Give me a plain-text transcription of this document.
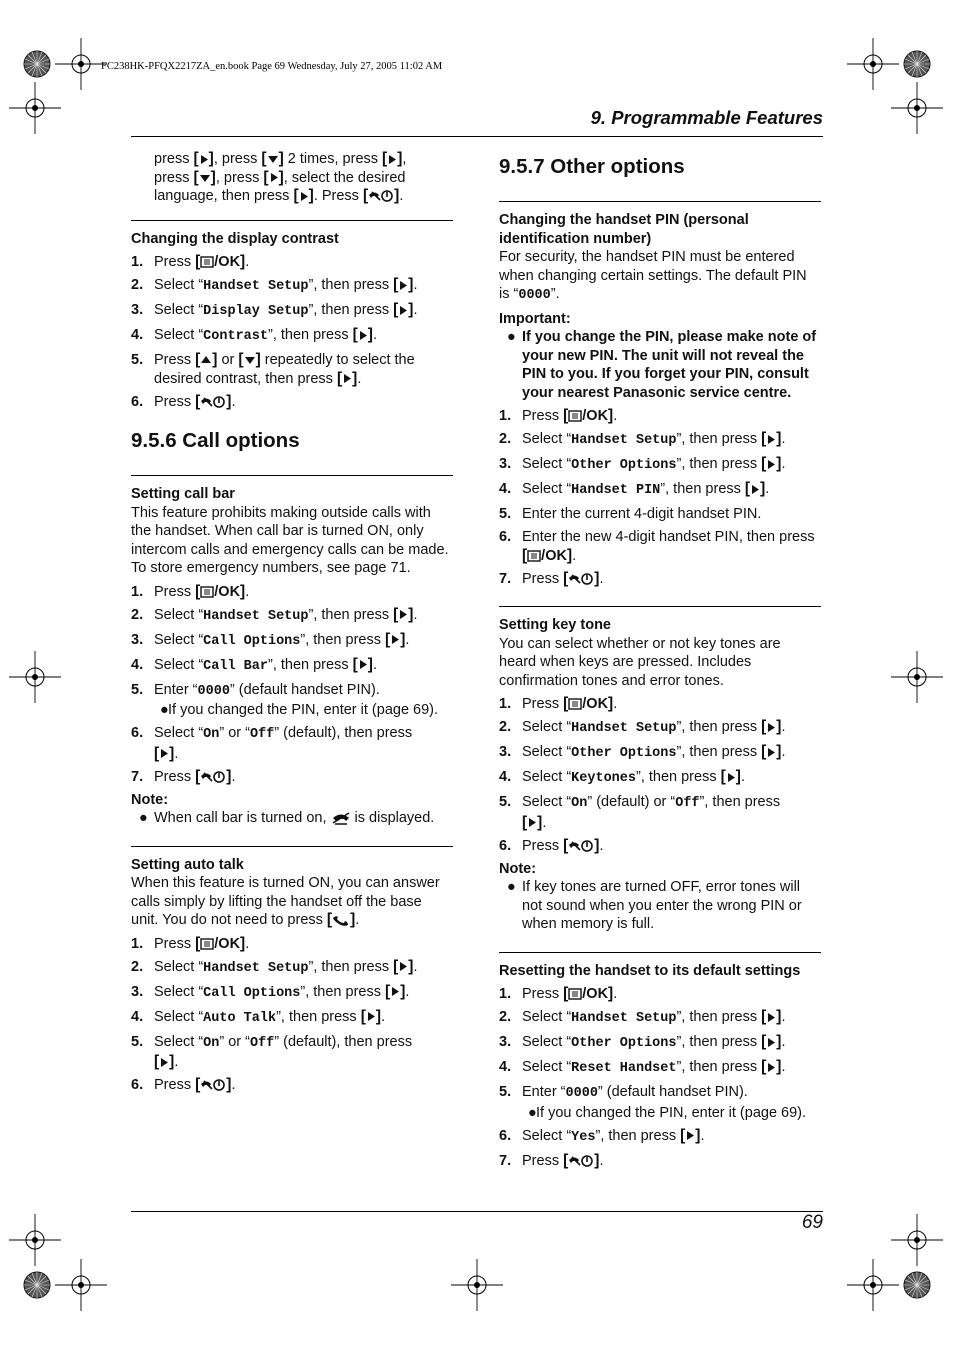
FC238HK-PFQX2217ZA_en.book Page 69 Wednesday, July 27, 2005 11:02 AM
9. Programmable Features
69
press [ ] , press [ ] 2 times, press [ ] ,
press [ ] , press [ ] , select the desired
language, then press [ ] . Press [ ] .
Changing the display contrast
1. Press [ /OK ] .
2. Select “Handset Setup”, then press [ ] .
3. Select “Display Setup”, then press [ ] .
4. Select “Contrast”, then press [ ] .
5. Press [ ] or [ ] repeatedly to select the desired contrast, then press [ ] .
6. Press [ ] .
9.5.6 Call options
Setting call bar
This feature prohibits making outside calls with the handset. When call bar is turned ON, only intercom calls and emergency calls can be made. To store emergency numbers, see page 71.
1. Press [ /OK ] .
2. Select “Handset Setup”, then press [ ] .
3. Select “Call Options”, then press [ ] .
4. Select “Call Bar”, then press [ ] .
5. Enter “0000” (default handset PIN).
● If you changed the PIN, enter it (page 69).
6. Select “On” or “Off” (default), then press

[ ] .
7. Press [ ] .
Note:
● When call bar is turned on,  is displayed.
Setting auto talk
When this feature is turned ON, you can answer calls simply by lifting the handset off the base unit. You do not need to press [ ] .
1. Press [ /OK ] .
2. Select “Handset Setup”, then press [ ] .
3. Select “Call Options”, then press [ ] .
4. Select “Auto Talk”, then press [ ] .
5. Select “On” or “Off” (default), then press

[ ] .
6. Press [ ] .
9.5.7 Other options
Changing the handset PIN (personal identification number)
For security, the handset PIN must be entered when changing certain settings. The default PIN is “0000”.
Important:
● If you change the PIN, please make note of your new PIN. The unit will not reveal the PIN to you. If you forget your PIN, consult your nearest Panasonic service centre.
1. Press [ /OK ] .
2. Select “Handset Setup”, then press [ ] .
3. Select “Other Options”, then press [ ] .
4. Select “Handset PIN”, then press [ ] .
5. Enter the current 4-digit handset PIN.
6. Enter the new 4-digit handset PIN, then press

[ /OK ] .
7. Press [ ] .
Setting key tone
You can select whether or not key tones are heard when keys are pressed. Includes confirmation tones and error tones.
1. Press [ /OK ] .
2. Select “Handset Setup”, then press [ ] .
3. Select “Other Options”, then press [ ] .
4. Select “Keytones”, then press [ ] .
5. Select “On” (default) or “Off”, then press

[ ] .
6. Press [ ] .
Note:
● If key tones are turned OFF, error tones will not sound when you enter the wrong PIN or when memory is full.
Resetting the handset to its default settings
1. Press [ /OK ] .
2. Select “Handset Setup”, then press [ ] .
3. Select “Other Options”, then press [ ] .
4. Select “Reset Handset”, then press [ ] .
5. Enter “0000” (default handset PIN).
● If you changed the PIN, enter it (page 69).
6. Select “Yes”, then press [ ] .
7. Press [ ] .
